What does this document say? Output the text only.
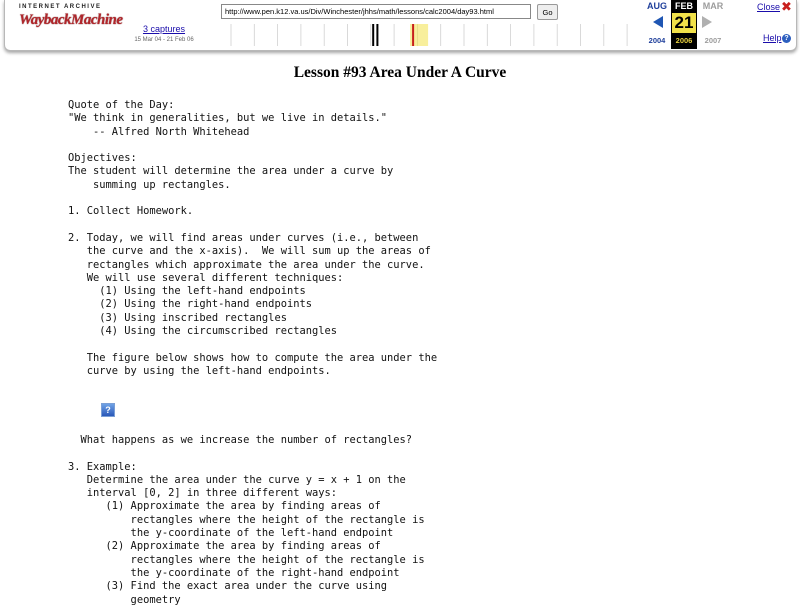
INTERNET ARCHIVE
WaybackMachine
3 captures
15 Mar 04 - 21 Feb 06
http://www.pen.k12.va.us/Div/Winchester/jhhs/math/lessons/calc2004/day93.html
Go
AUG FEB	MAR
21
2004	2006	2007
Close ✖
Help ?
Lesson #93 Area Under A Curve
Quote of the Day:
"We think in generalities, but we live in details."
-- Alfred North Whitehead

Objectives:
The student will determine the area under a curve by
summing up rectangles.

1. Collect Homework.

2. Today, we will find areas under curves (i.e., between
the curve and the x-axis).  We will sum up the areas of
rectangles which approximate the area under the curve.
We will use several different techniques:
(1) Using the left-hand endpoints
(2) Using the right-hand endpoints
(3) Using inscribed rectangles
(4) Using the circumscribed rectangles

The figure below shows how to compute the area under the
curve by using the left-hand endpoints.
?
What happens as we increase the number of rectangles?

3. Example:
Determine the area under the curve y = x + 1 on the
interval [0, 2] in three different ways:
(1) Approximate the area by finding areas of
rectangles where the height of the rectangle is
the y-coordinate of the left-hand endpoint
(2) Approximate the area by finding areas of
rectangles where the height of the rectangle is
the y-coordinate of the right-hand endpoint
(3) Find the exact area under the curve using
geometry
